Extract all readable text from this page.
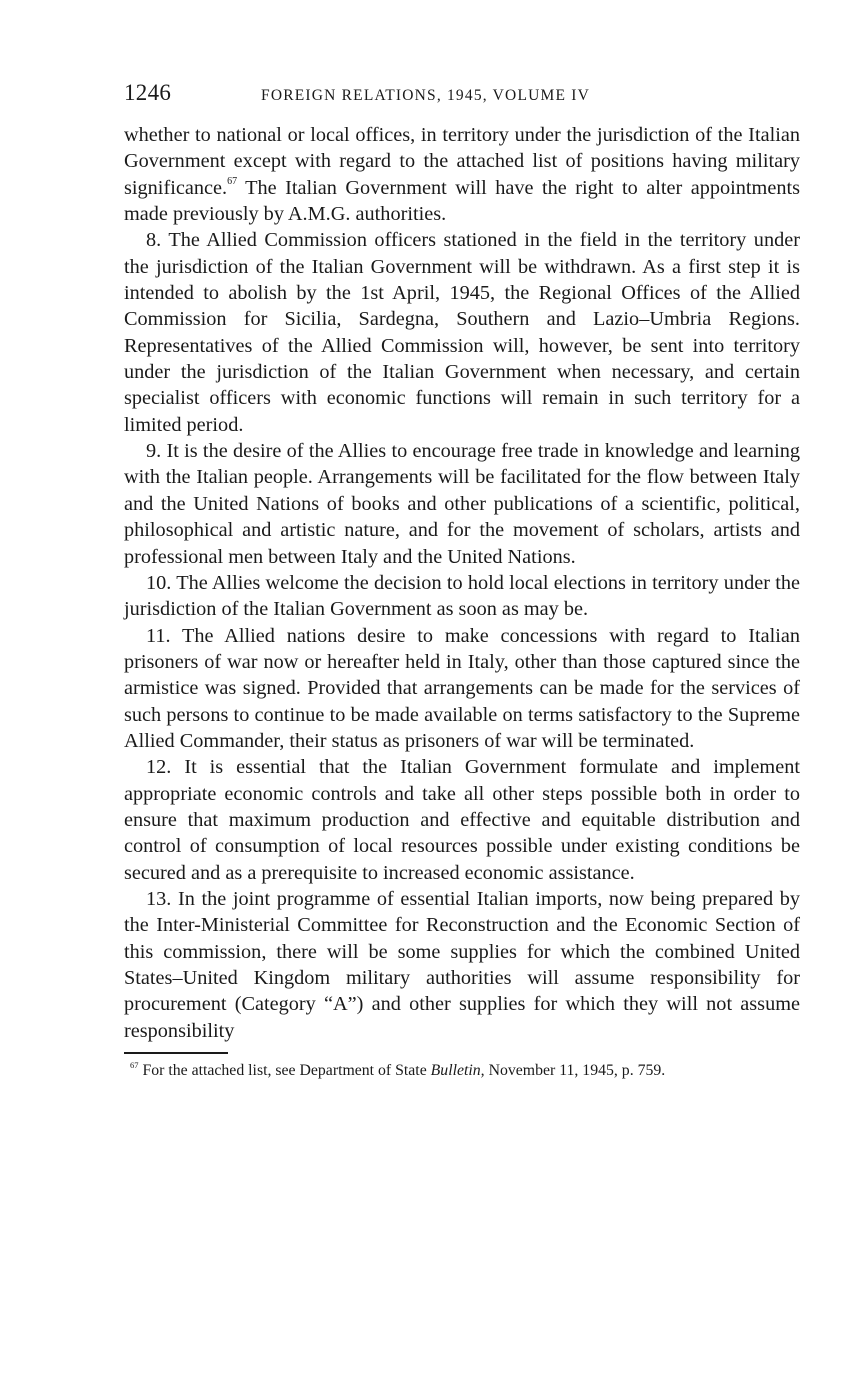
1246	FOREIGN RELATIONS, 1945, VOLUME IV

whether to national or local offices, in territory under the jurisdiction of the Italian Government except with regard to the attached list of positions having military significance.$^{67}$ The Italian Government will have the right to alter appointments made previously by A.M.G. authorities.

8. The Allied Commission officers stationed in the field in the territory under the jurisdiction of the Italian Government will be withdrawn. As a first step it is intended to abolish by the 1st April, 1945, the Regional Offices of the Allied Commission for Sicilia, Sardegna, Southern and Lazio–Umbria Regions. Representatives of the Allied Commission will, however, be sent into territory under the jurisdiction of the Italian Government when necessary, and certain specialist officers with economic functions will remain in such territory for a limited period.

9. It is the desire of the Allies to encourage free trade in knowledge and learning with the Italian people. Arrangements will be facilitated for the flow between Italy and the United Nations of books and other publications of a scientific, political, philosophical and artistic nature, and for the movement of scholars, artists and professional men between Italy and the United Nations.

10. The Allies welcome the decision to hold local elections in territory under the jurisdiction of the Italian Government as soon as may be.

11. The Allied nations desire to make concessions with regard to Italian prisoners of war now or hereafter held in Italy, other than those captured since the armistice was signed. Provided that arrangements can be made for the services of such persons to continue to be made available on terms satisfactory to the Supreme Allied Commander, their status as prisoners of war will be terminated.

12. It is essential that the Italian Government formulate and implement appropriate economic controls and take all other steps possible both in order to ensure that maximum production and effective and equitable distribution and control of consumption of local resources possible under existing conditions be secured and as a prerequisite to increased economic assistance.

13. In the joint programme of essential Italian imports, now being prepared by the Inter-Ministerial Committee for Reconstruction and the Economic Section of this commission, there will be some supplies for which the combined United States–United Kingdom military authorities will assume responsibility for procurement (Category “A”) and other supplies for which they will not assume responsibility

$^{67}$ For the attached list, see Department of State Bulletin, November 11, 1945, p. 759.
